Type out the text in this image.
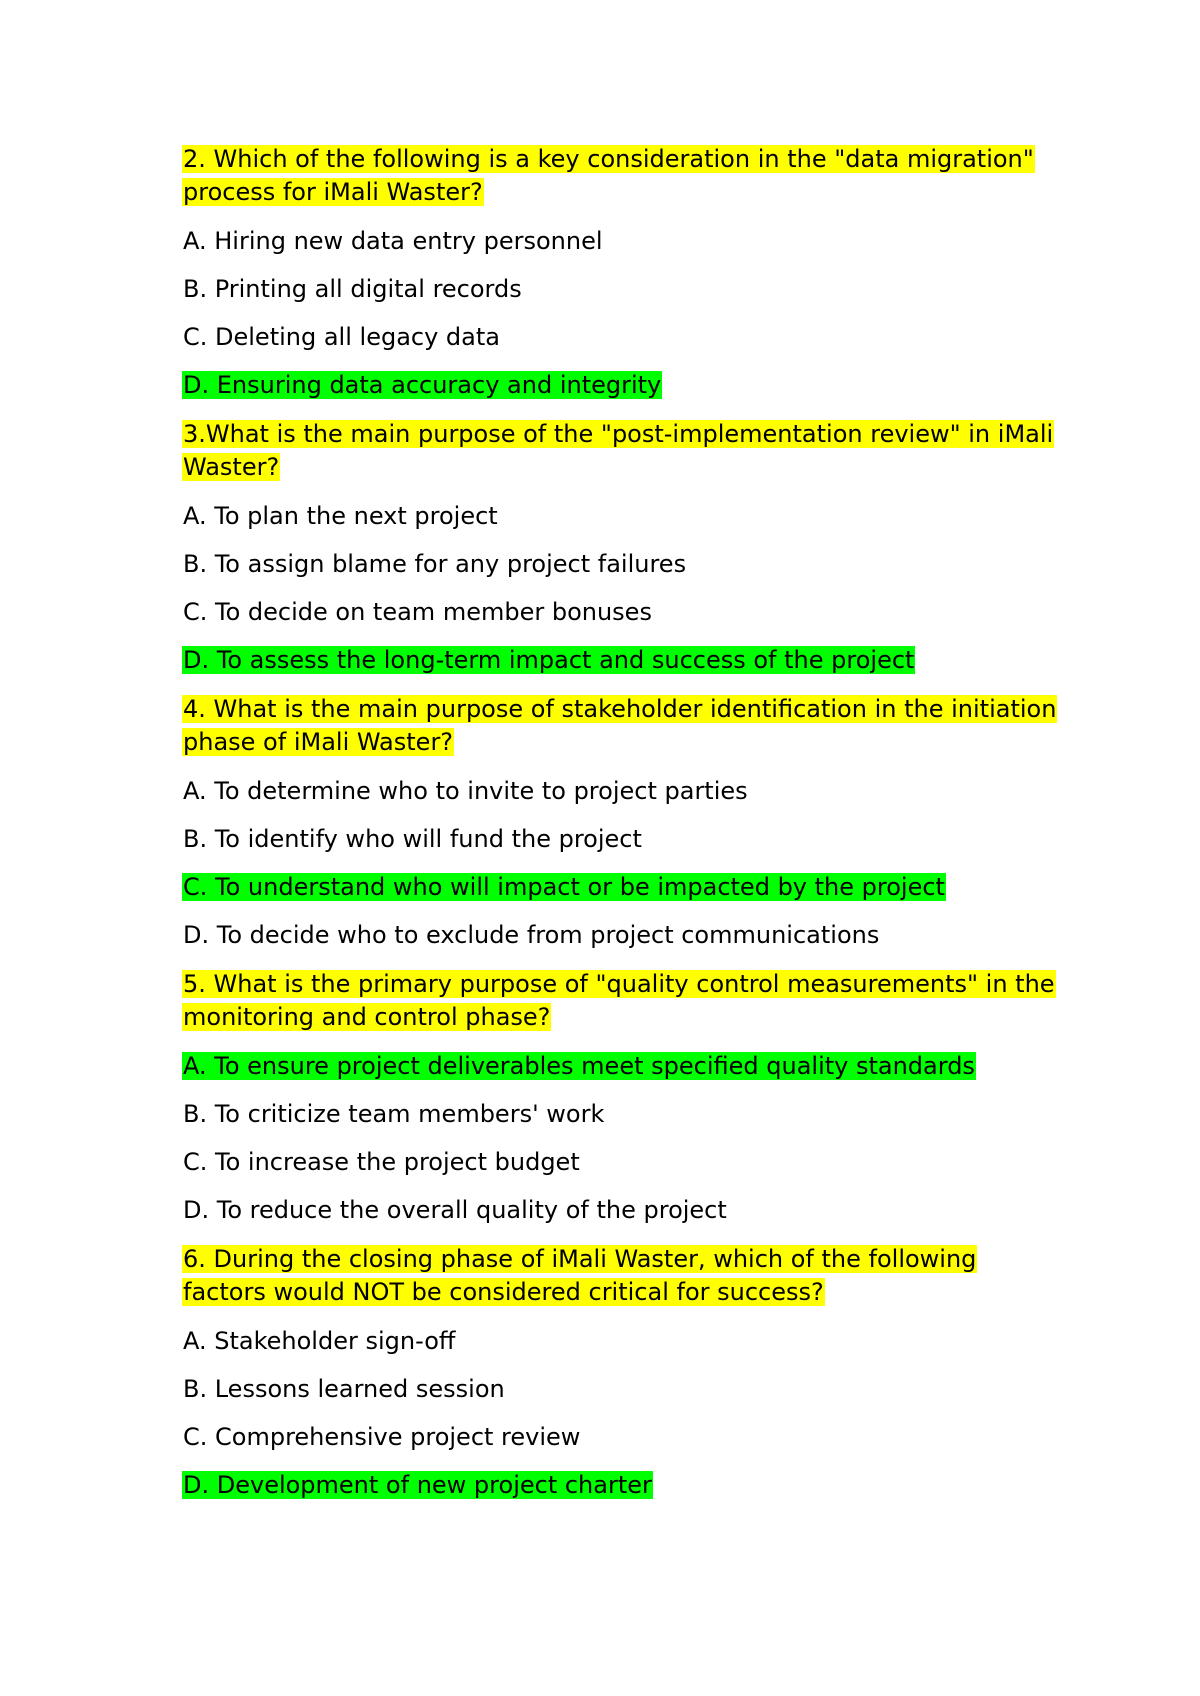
2. Which of the following is a key consideration in the "data migration" process for iMali Waster?

A. Hiring new data entry personnel

B. Printing all digital records

C. Deleting all legacy data

D. Ensuring data accuracy and integrity

3.What is the main purpose of the "post-implementation review" in iMali Waster?

A. To plan the next project

B. To assign blame for any project failures

C. To decide on team member bonuses

D. To assess the long-term impact and success of the project

4. What is the main purpose of stakeholder identification in the initiation phase of iMali Waster?

A. To determine who to invite to project parties

B. To identify who will fund the project

C. To understand who will impact or be impacted by the project

D. To decide who to exclude from project communications

5. What is the primary purpose of "quality control measurements" in the monitoring and control phase?

A. To ensure project deliverables meet specified quality standards

B. To criticize team members' work

C. To increase the project budget

D. To reduce the overall quality of the project

6. During the closing phase of iMali Waster, which of the following factors would NOT be considered critical for success?

A. Stakeholder sign-off

B. Lessons learned session

C. Comprehensive project review

D. Development of new project charter
